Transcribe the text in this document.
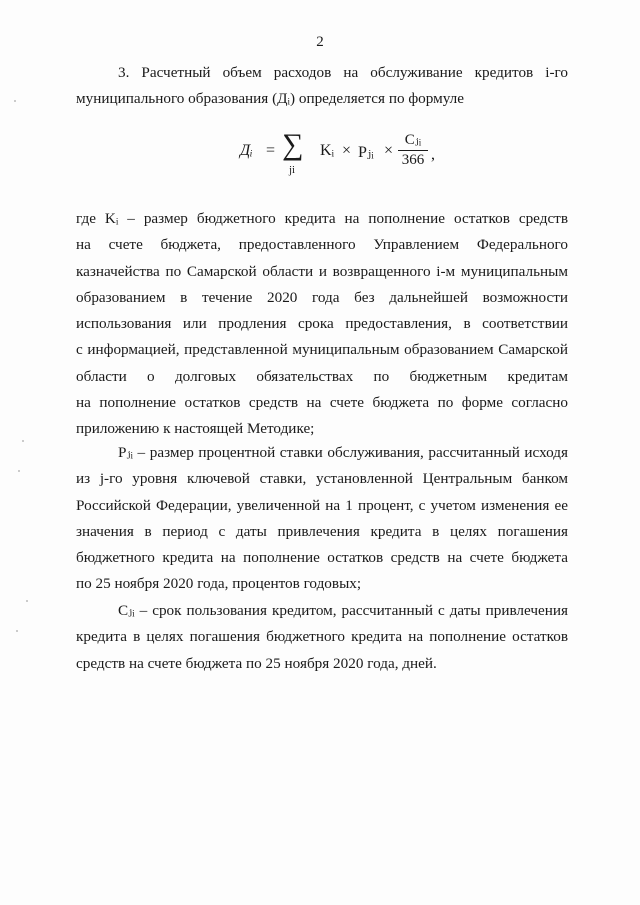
2
3. Расчетный объем расходов на обслуживание кредитов i-го
муниципального образования (Дᵢ) определяется по формуле
Дᵢ = ∑
ji
Kᵢ × Pⱼᵢ ×
Cⱼᵢ
366 ,
где Kᵢ – размер бюджетного кредита на пополнение остатков средств
на счете бюджета, предоставленного Управлением Федерального
казначейства по Самарской области и возвращенного i-м муниципальным
образованием в течение 2020 года без дальнейшей возможности
использования или продления срока предоставления, в соответствии
с информацией, представленной муниципальным образованием Самарской
области о долговых обязательствах по бюджетным кредитам
на пополнение остатков средств на счете бюджета по форме согласно
приложению к настоящей Методике;
Pⱼᵢ – размер процентной ставки обслуживания, рассчитанный исходя
из j-го уровня ключевой ставки, установленной Центральным банком
Российской Федерации, увеличенной на 1 процент, с учетом изменения ее
значения в период с даты привлечения кредита в целях погашения
бюджетного кредита на пополнение остатков средств на счете бюджета
по 25 ноября 2020 года, процентов годовых;
Cⱼᵢ – срок пользования кредитом, рассчитанный с даты привлечения
кредита в целях погашения бюджетного кредита на пополнение остатков
средств на счете бюджета по 25 ноября 2020 года, дней.
